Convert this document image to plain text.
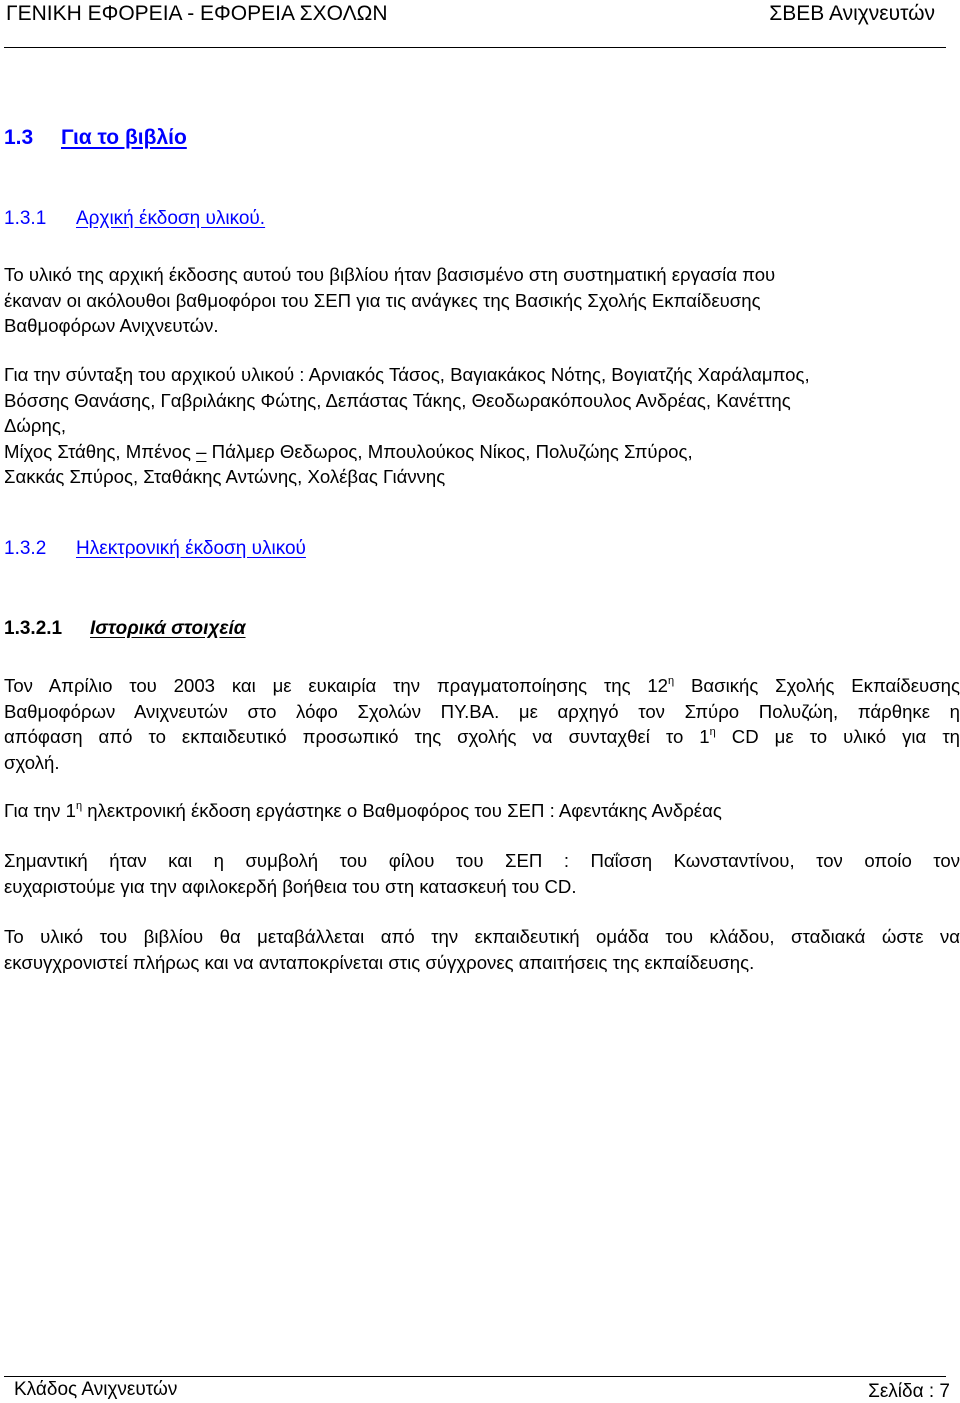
ΓΕΝΙΚΗ ΕΦΟΡΕΙΑ - ΕΦΟΡΕΙΑ ΣΧΟΛΩΝ	ΣΒΕΒ Ανιχνευτών
1.3 Για το βιβλίο
1.3.1 Αρχική έκδοση υλικού.

Το υλικό της αρχική έκδοσης αυτού του βιβλίου ήταν βασισμένο στη συστηματική εργασία που
έκαναν οι ακόλουθοι βαθμοφόροι του ΣΕΠ για τις ανάγκες της Βασικής Σχολής Εκπαίδευσης
Βαθμοφόρων Ανιχνευτών.

Για την σύνταξη του αρχικού υλικού : Αρνιακός Τάσος, Βαγιακάκος Νότης, Βογιατζής Χαράλαμπος,
Βόσσης Θανάσης, Γαβριλάκης Φώτης, Δεπάστας Τάκης, Θεοδωρακόπουλος Ανδρέας, Κανέττης
Δώρης,
Μίχος Στάθης, Μπένος – Πάλμερ Θεδωρος, Μπουλούκος Νίκος, Πολυζώης Σπύρος,
Σακκάς Σπύρος, Σταθάκης Αντώνης, Χολέβας Γιάννης

1.3.2 Ηλεκτρονική έκδοση υλικού
1.3.2.1 Ιστορικά στοιχεία

Τον Απρίλιο του 2003 και με ευκαιρία την πραγματοποίησης της $12^\eta$ Βασικής Σχολής Εκπαίδευσης
Βαθμοφόρων Ανιχνευτών στο λόφο Σχολών ΠΥ.ΒΑ. με αρχηγό τον Σπύρο Πολυζώη, πάρθηκε η
απόφαση από το εκπαιδευτικό προσωπικό της σχολής να συνταχθεί το $1^\eta$ CD με το υλικό για τη
σχολή.

Για την $1^\eta$ ηλεκτρονική έκδοση εργάστηκε ο Βαθμοφόρος του ΣΕΠ : Αφεντάκης Ανδρέας

Σημαντική ήταν και η συμβολή του φίλου του ΣΕΠ : Παΐσση Κωνσταντίνου, τον οποίο τον
ευχαριστούμε για την αφιλοκερδή βοήθεια του στη κατασκευή του CD.

Το υλικό του βιβλίου θα μεταβάλλεται από την εκπαιδευτική ομάδα του κλάδου, σταδιακά ώστε να
εκσυγχρονιστεί πλήρως και να ανταποκρίνεται στις σύγχρονες απαιτήσεις της εκπαίδευσης.

Κλάδος Ανιχνευτών	Σελίδα : 7
